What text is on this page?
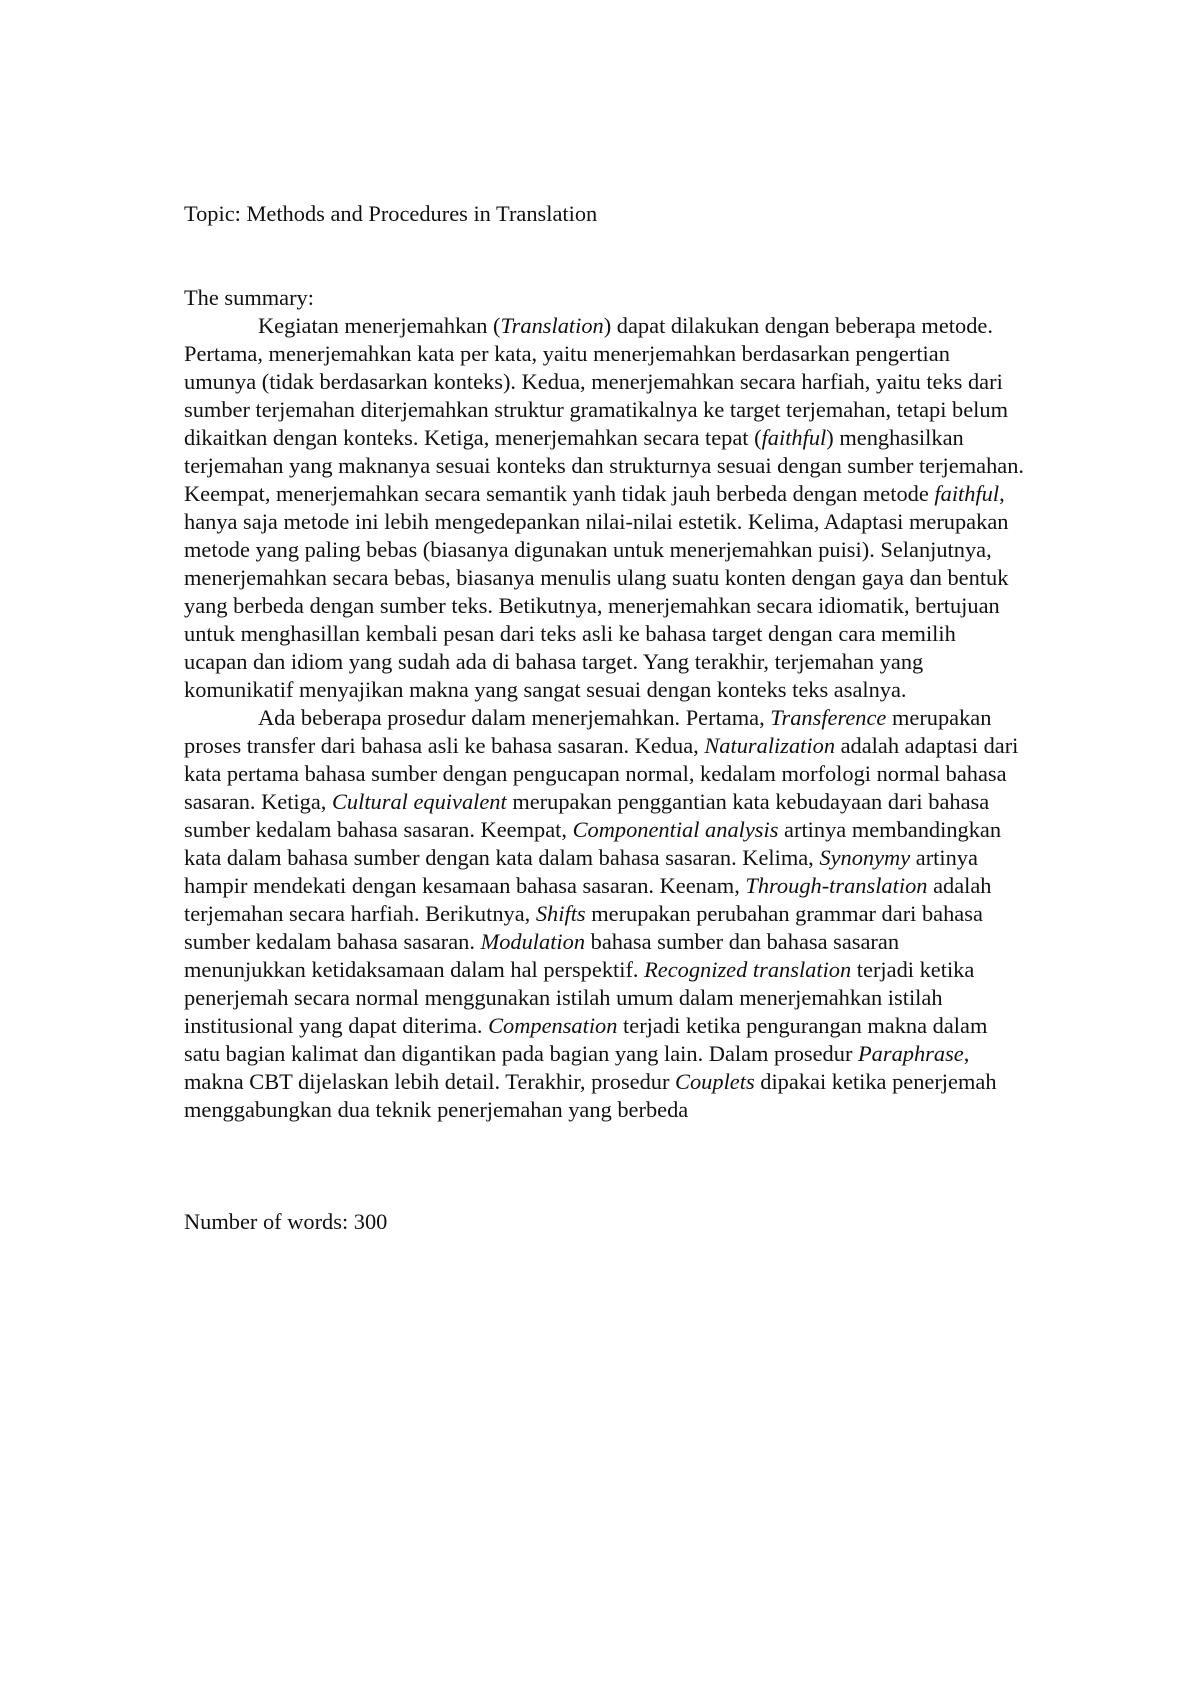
Topic: Methods and Procedures in Translation

The summary:

Kegiatan menerjemahkan (Translation) dapat dilakukan dengan beberapa metode. Pertama, menerjemahkan kata per kata, yaitu menerjemahkan berdasarkan pengertian umunya (tidak berdasarkan konteks). Kedua, menerjemahkan secara harfiah, yaitu teks dari sumber terjemahan diterjemahkan struktur gramatikalnya ke target terjemahan, tetapi belum dikaitkan dengan konteks. Ketiga, menerjemahkan secara tepat (faithful) menghasilkan terjemahan yang maknanya sesuai konteks dan strukturnya sesuai dengan sumber terjemahan. Keempat, menerjemahkan secara semantik yanh tidak jauh berbeda dengan metode faithful, hanya saja metode ini lebih mengedepankan nilai-nilai estetik. Kelima, Adaptasi merupakan metode yang paling bebas (biasanya digunakan untuk menerjemahkan puisi). Selanjutnya, menerjemahkan secara bebas, biasanya menulis ulang suatu konten dengan gaya dan bentuk yang berbeda dengan sumber teks. Betikutnya, menerjemahkan secara idiomatik, bertujuan untuk menghasillan kembali pesan dari teks asli ke bahasa target dengan cara memilih ucapan dan idiom yang sudah ada di bahasa target. Yang terakhir, terjemahan yang komunikatif menyajikan makna yang sangat sesuai dengan konteks teks asalnya.

Ada beberapa prosedur dalam menerjemahkan. Pertama, Transference merupakan proses transfer dari bahasa asli ke bahasa sasaran. Kedua, Naturalization adalah adaptasi dari kata pertama bahasa sumber dengan pengucapan normal, kedalam morfologi normal bahasa sasaran. Ketiga, Cultural equivalent merupakan penggantian kata kebudayaan dari bahasa sumber kedalam bahasa sasaran. Keempat, Componential analysis artinya membandingkan kata dalam bahasa sumber dengan kata dalam bahasa sasaran. Kelima, Synonymy artinya hampir mendekati dengan kesamaan bahasa sasaran. Keenam, Through-translation adalah terjemahan secara harfiah. Berikutnya, Shifts merupakan perubahan grammar dari bahasa sumber kedalam bahasa sasaran. Modulation bahasa sumber dan bahasa sasaran menunjukkan ketidaksamaan dalam hal perspektif. Recognized translation terjadi ketika penerjemah secara normal menggunakan istilah umum dalam menerjemahkan istilah institusional yang dapat diterima. Compensation terjadi ketika pengurangan makna dalam satu bagian kalimat dan digantikan pada bagian yang lain. Dalam prosedur Paraphrase, makna CBT dijelaskan lebih detail. Terakhir, prosedur Couplets dipakai ketika penerjemah menggabungkan dua teknik penerjemahan yang berbeda

Number of words: 300
